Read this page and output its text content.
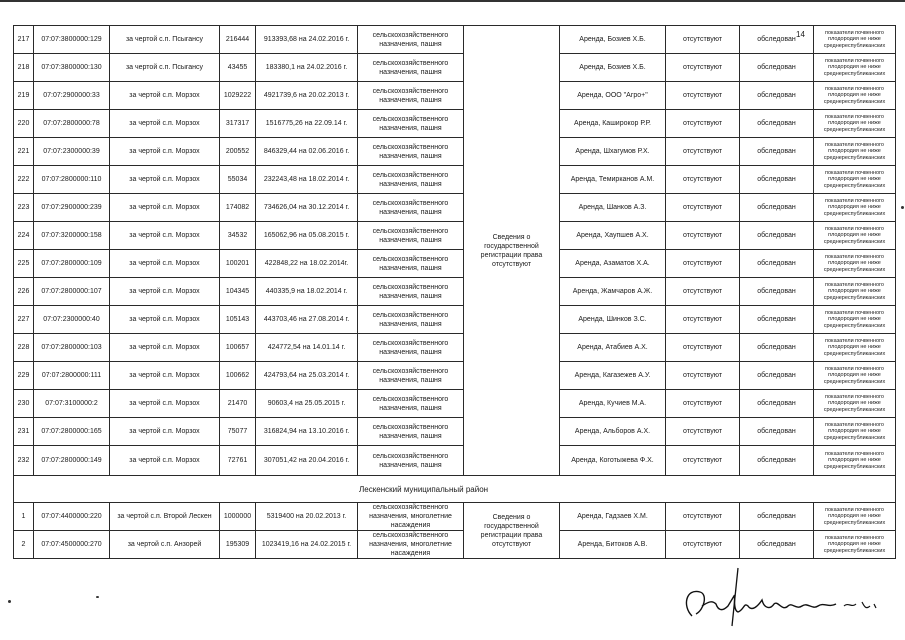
14
217	07:07:3800000:129	за чертой с.п. Псыгансу	216444	913393,68 на 24.02.2016 г.	сельскохозяйственного назначения, пашня	Сведения о государственной регистрации права отсутствуют	Аренда, Бозиев Х.Б.	отсутствуют	обследован	показатели почвенного плодородия не ниже среднереспубликанских
218	07:07:3800000:130	за чертой с.п. Псыгансу	43455	183380,1 на 24.02.2016 г.	сельскохозяйственного назначения, пашня		Аренда, Бозиев Х.Б.	отсутствуют	обследован	показатели почвенного плодородия не ниже среднереспубликанских
219	07:07:2900000:33	за чертой с.п. Морзох	1029222	4921739,6 на 20.02.2013 г.	сельскохозяйственного назначения, пашня		Аренда, ООО "Агро+"	отсутствуют	обследован	показатели почвенного плодородия не ниже среднереспубликанских
220	07:07:2800000:78	за чертой с.п. Морзох	317317	1516775,26 на 22.09.14 г.	сельскохозяйственного назначения, пашня		Аренда, Каширокор Р.Р.	отсутствуют	обследован	показатели почвенного плодородия не ниже среднереспубликанских
221	07:07:2300000:39	за чертой с.п. Морзох	200552	846329,44 на 02.06.2016 г.	сельскохозяйственного назначения, пашня		Аренда, Шхагумов Р.Х.	отсутствуют	обследован	показатели почвенного плодородия не ниже среднереспубликанских
222	07:07:2800000:110	за чертой с.п. Морзох	55034	232243,48 на 18.02.2014 г.	сельскохозяйственного назначения, пашня		Аренда, Темирканов А.М.	отсутствуют	обследован	показатели почвенного плодородия не ниже среднереспубликанских
223	07:07:2900000:239	за чертой с.п. Морзох	174082	734626,04 на 30.12.2014 г.	сельскохозяйственного назначения, пашня		Аренда, Шанков А.З.	отсутствуют	обследован	показатели почвенного плодородия не ниже среднереспубликанских
224	07:07:3200000:158	за чертой с.п. Морзох	34532	165062,96 на 05.08.2015 г.	сельскохозяйственного назначения, пашня		Аренда, Хаупшев А.Х.	отсутствуют	обследован	показатели почвенного плодородия не ниже среднереспубликанских
225	07:07:2800000:109	за чертой с.п. Морзох	100201	422848,22 на 18.02.2014г.	сельскохозяйственного назначения, пашня		Аренда, Азаматов Х.А.	отсутствуют	обследован	показатели почвенного плодородия не ниже среднереспубликанских
226	07:07:2800000:107	за чертой с.п. Морзох	104345	440335,9 на 18.02.2014 г.	сельскохозяйственного назначения, пашня		Аренда, Жамчаров А.Ж.	отсутствуют	обследован	показатели почвенного плодородия не ниже среднереспубликанских
227	07:07:2300000:40	за чертой с.п. Морзох	105143	443703,46 на 27.08.2014 г.	сельскохозяйственного назначения, пашня		Аренда, Шинков З.С.	отсутствуют	обследован	показатели почвенного плодородия не ниже среднереспубликанских
228	07:07:2800000:103	за чертой с.п. Морзох	100657	424772,54 на 14.01.14 г.	сельскохозяйственного назначения, пашня		Аренда, Атабиев А.Х.	отсутствуют	обследован	показатели почвенного плодородия не ниже среднереспубликанских
229	07:07:2800000:111	за чертой с.п. Морзох	100662	424793,64 на 25.03.2014 г.	сельскохозяйственного назначения, пашня		Аренда, Кагазежев А.У.	отсутствуют	обследован	показатели почвенного плодородия не ниже среднереспубликанских
230	07:07:3100000:2	за чертой с.п. Морзох	21470	90603,4 на 25.05.2015 г.	сельскохозяйственного назначения, пашня		Аренда, Кучиев М.А.	отсутствуют	обследован	показатели почвенного плодородия не ниже среднереспубликанских
231	07:07:2800000:165	за чертой с.п. Морзох	75077	316824,94 на 13.10.2016 г.	сельскохозяйственного назначения, пашня		Аренда, Альборов А.Х.	отсутствуют	обследован	показатели почвенного плодородия не ниже среднереспубликанских
232	07:07:2800000:149	за чертой с.п. Морзох	72761	307051,42 на 20.04.2016 г.	сельскохозяйственного назначения, пашня		Аренда, Коготыжева Ф.Х.	отсутствуют	обследован	показатели почвенного плодородия не ниже среднереспубликанских
Лескенский муниципальный район										
1	07:07:4400000:220	за чертой с.п. Второй Лескен	1000000	5319400 на 20.02.2013 г.	сельскохозяйственного назначения, многолетние насаждения	Сведения о государственной регистрации права отсутствуют	Аренда, Гадзаев Х.М.	отсутствуют	обследован	показатели почвенного плодородия не ниже среднереспубликанских
2	07:07:4500000:270	за чертой с.п. Анзорей	195309	1023419,16 на 24.02.2015 г.	сельскохозяйственного назначения, многолетние насаждения		Аренда, Битоков А.В.	отсутствуют	обследован	показатели почвенного плодородия не ниже среднереспубликанских
